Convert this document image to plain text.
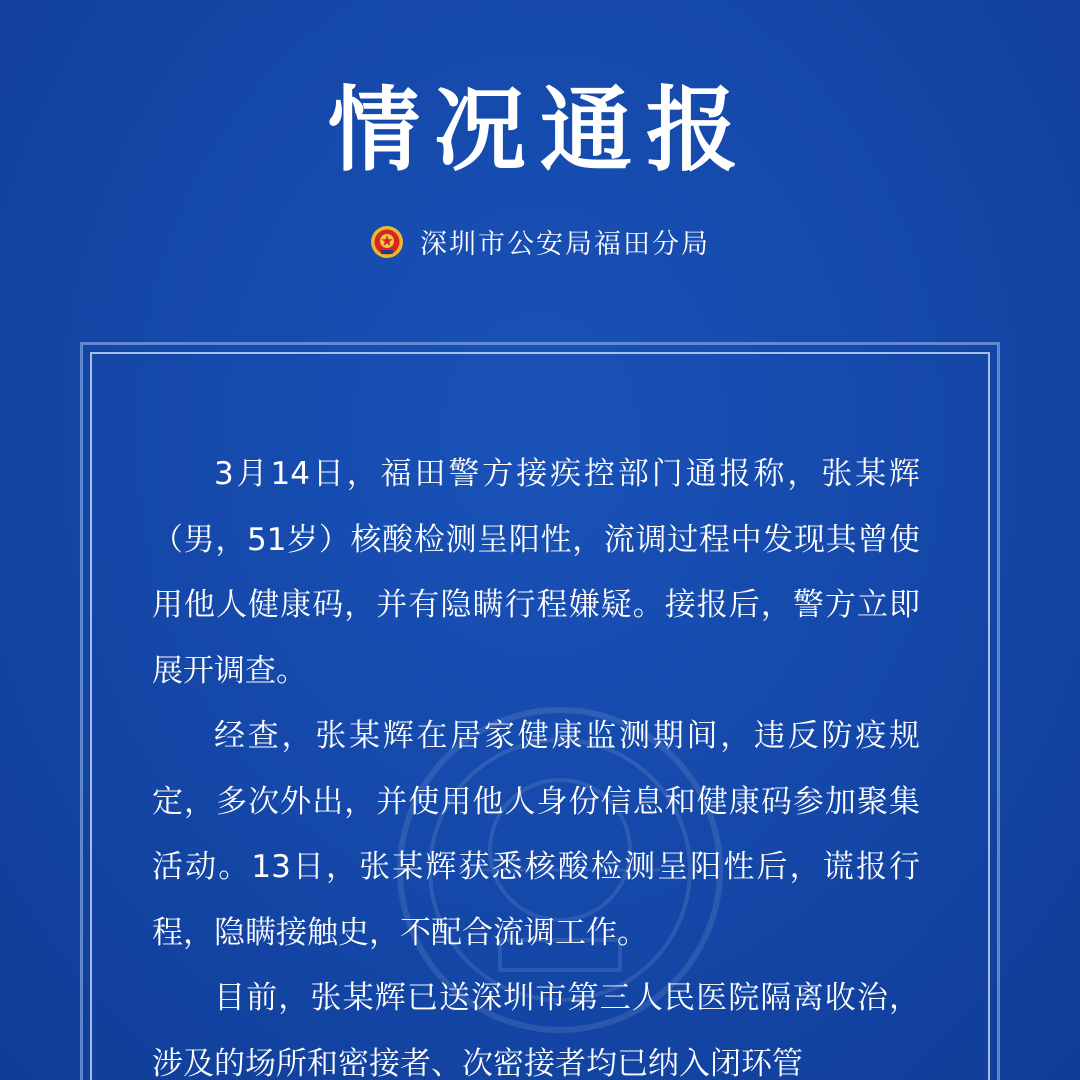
情况通报
深圳市公安局福田分局

3月14日，福田警方接疾控部门通报称，张某辉（男，51岁）核酸检测呈阳性，流调过程中发现其曾使用他人健康码，并有隐瞒行程嫌疑。接报后，警方立即展开调查。

经查，张某辉在居家健康监测期间，违反防疫规定，多次外出，并使用他人身份信息和健康码参加聚集活动。13日，张某辉获悉核酸检测呈阳性后，谎报行程，隐瞒接触史，不配合流调工作。

目前，张某辉已送深圳市第三人民医院隔离收治，涉及的场所和密接者、次密接者均已纳入闭环管
